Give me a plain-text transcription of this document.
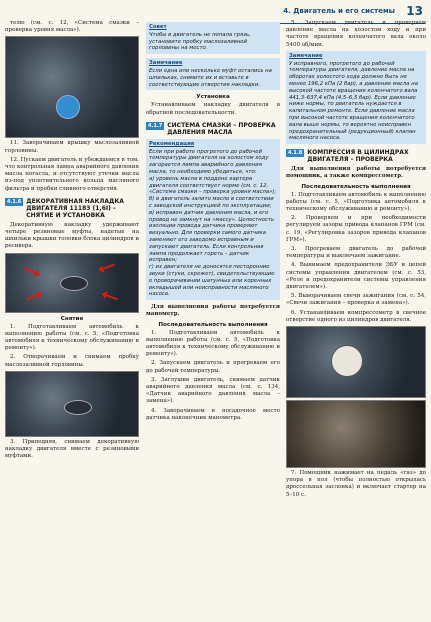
4. Двигатель и его системы 13

телю (см. с. 12, «Система смазки – проверка уровня масла»).

11. Заворачиваем крышку маслозаливной горловины.

12. Пускаем двигатель и убеждаемся в том, что контрольная лампа аварийного давления масла погасла, и отсутствуют утечки масла из-под уплотнительного кольца масляного фильтра и пробки сливного отверстия.

4.1.6 ДЕКОРАТИВНАЯ НАКЛАДКА ДВИГАТЕЛЯ 11183 (1,6I) – СНЯТИЕ И УСТАНОВКА

Декоративную накладку удерживают четыре резиновые муфты, надетые на шпильки крышки головки блока цилиндров и ресивера.

Снятие

1. Подготавливаем автомобиль к выполнению работы (см. с. 5, «Подготовка автомобиля к техническому обслуживанию и ремонту»).

2. Отворачиваем и снимаем пробку маслозаливной горловины.

3. Приподняв, снимаем декоративную накладку двигателя вместе с резиновыми муфтами.

Совет
Чтобы в двигатель не попала грязь, установите пробку маслозаливной горловины на место.
Замечание
Если одна или несколько муфт остались на шпильках, снимите их и вставьте в соответствующие отверстия накладки.
Установка

Устанавливаем накладку двигателя в обратной последовательности.

4.1.7 СИСТЕМА СМАЗКИ – ПРОВЕРКА ДАВЛЕНИЯ МАСЛА
Рекомендация
Если при работе прогретого до рабочей температуры двигателя на холостом ходу загорается лампа аварийного давления масла, то необходимо убедиться, что:
а) уровень масла в поддоне картера двигателя соответствует норме (см. с. 12, «Система смазки – проверка уровня масла»);
б) в двигатель залито масло в соответствии с заводской инструкцией по эксплуатации;
в) исправен датчик давления масла, и его провод не замкнут на «массу». Целостность изоляции провода датчика проверяют визуально. Для проверки самого датчика заменяют его заведомо исправным и запускают двигатель. Если контрольная лампа продолжает гореть – датчик исправен;
г) из двигателя не доносятся посторонние звуки (стуки, скрежет), свидетельствующие о проворачивании шатунных или коренных вкладышей или неисправности масляного насоса.

Для выполнения работы потребуется манометр.

Последовательность выполнения

1. Подготавливаем автомобиль к выполнению работы (см. с. 5, «Подготовка автомобиля к техническому обслуживанию и ремонту»).

2. Запускаем двигатель и прогреваем его до рабочей температуры.

3. Заглушив двигатель, снимаем датчик аварийного давления масла (см. с. 134, «Датчик аварийного давления масла – замена»).

4. Заворачиваем в посадочное место датчика наконечник манометра.

5. Запускаем двигатель и проверяем давление масла на холостом ходу и при частоте вращения коленчатого вала около 5400 об/мин.

Замечание
У исправного, прогретого до рабочей температуры двигателя, давление масла на оборотах холостого хода должно быть не менее 196,2 кПа (2 бар), а давление масла на высокой частоте вращения коленчатого вала 441,3–637,4 кПа (4,5–6,5 бар). Если давление ниже нормы, то двигатель нуждается в капитальном ремонте. Если давление масла при высокой частоте вращения коленчатого вала выше нормы, то вероятно неисправен предохранительный (редукционный) клапан масляного насоса.
4.1.8 КОМПРЕССИЯ В ЦИЛИНДРАХ ДВИГАТЕЛЯ – ПРОВЕРКА

Для выполнения работы потребуется помощник, а также компрессометр.

Последовательность выполнения

1. Подготавливаем автомобиль к выполнению работы (см. с. 5, «Подготовка автомобиля к техническому обслуживанию и ремонту»).

2. Проверяем и при необходимости регулируем зазоры привода клапанов ГРМ (см. с. 19, «Регулировка зазоров привода клапанов ГРМ»).

3. Прогреваем двигатель до рабочей температуры и выключаем зажигание.

4. Вынимаем предохранители ЭБУ и цепей системы управления двигателем (см. с. 53, «Реле и предохранители системы управления двигателем»).

5. Выворачиваем свечи зажигания (см. с. 54, «Свечи зажигания – проверка и замена»).

6. Устанавливаем компрессометр в свечное отверстие одного из цилиндров двигателя.

7. Помощник нажимает на педаль «газ» до упора в пол (чтобы полностью открылась дроссельная заслонка) и включает стартер на 5–10 с.
